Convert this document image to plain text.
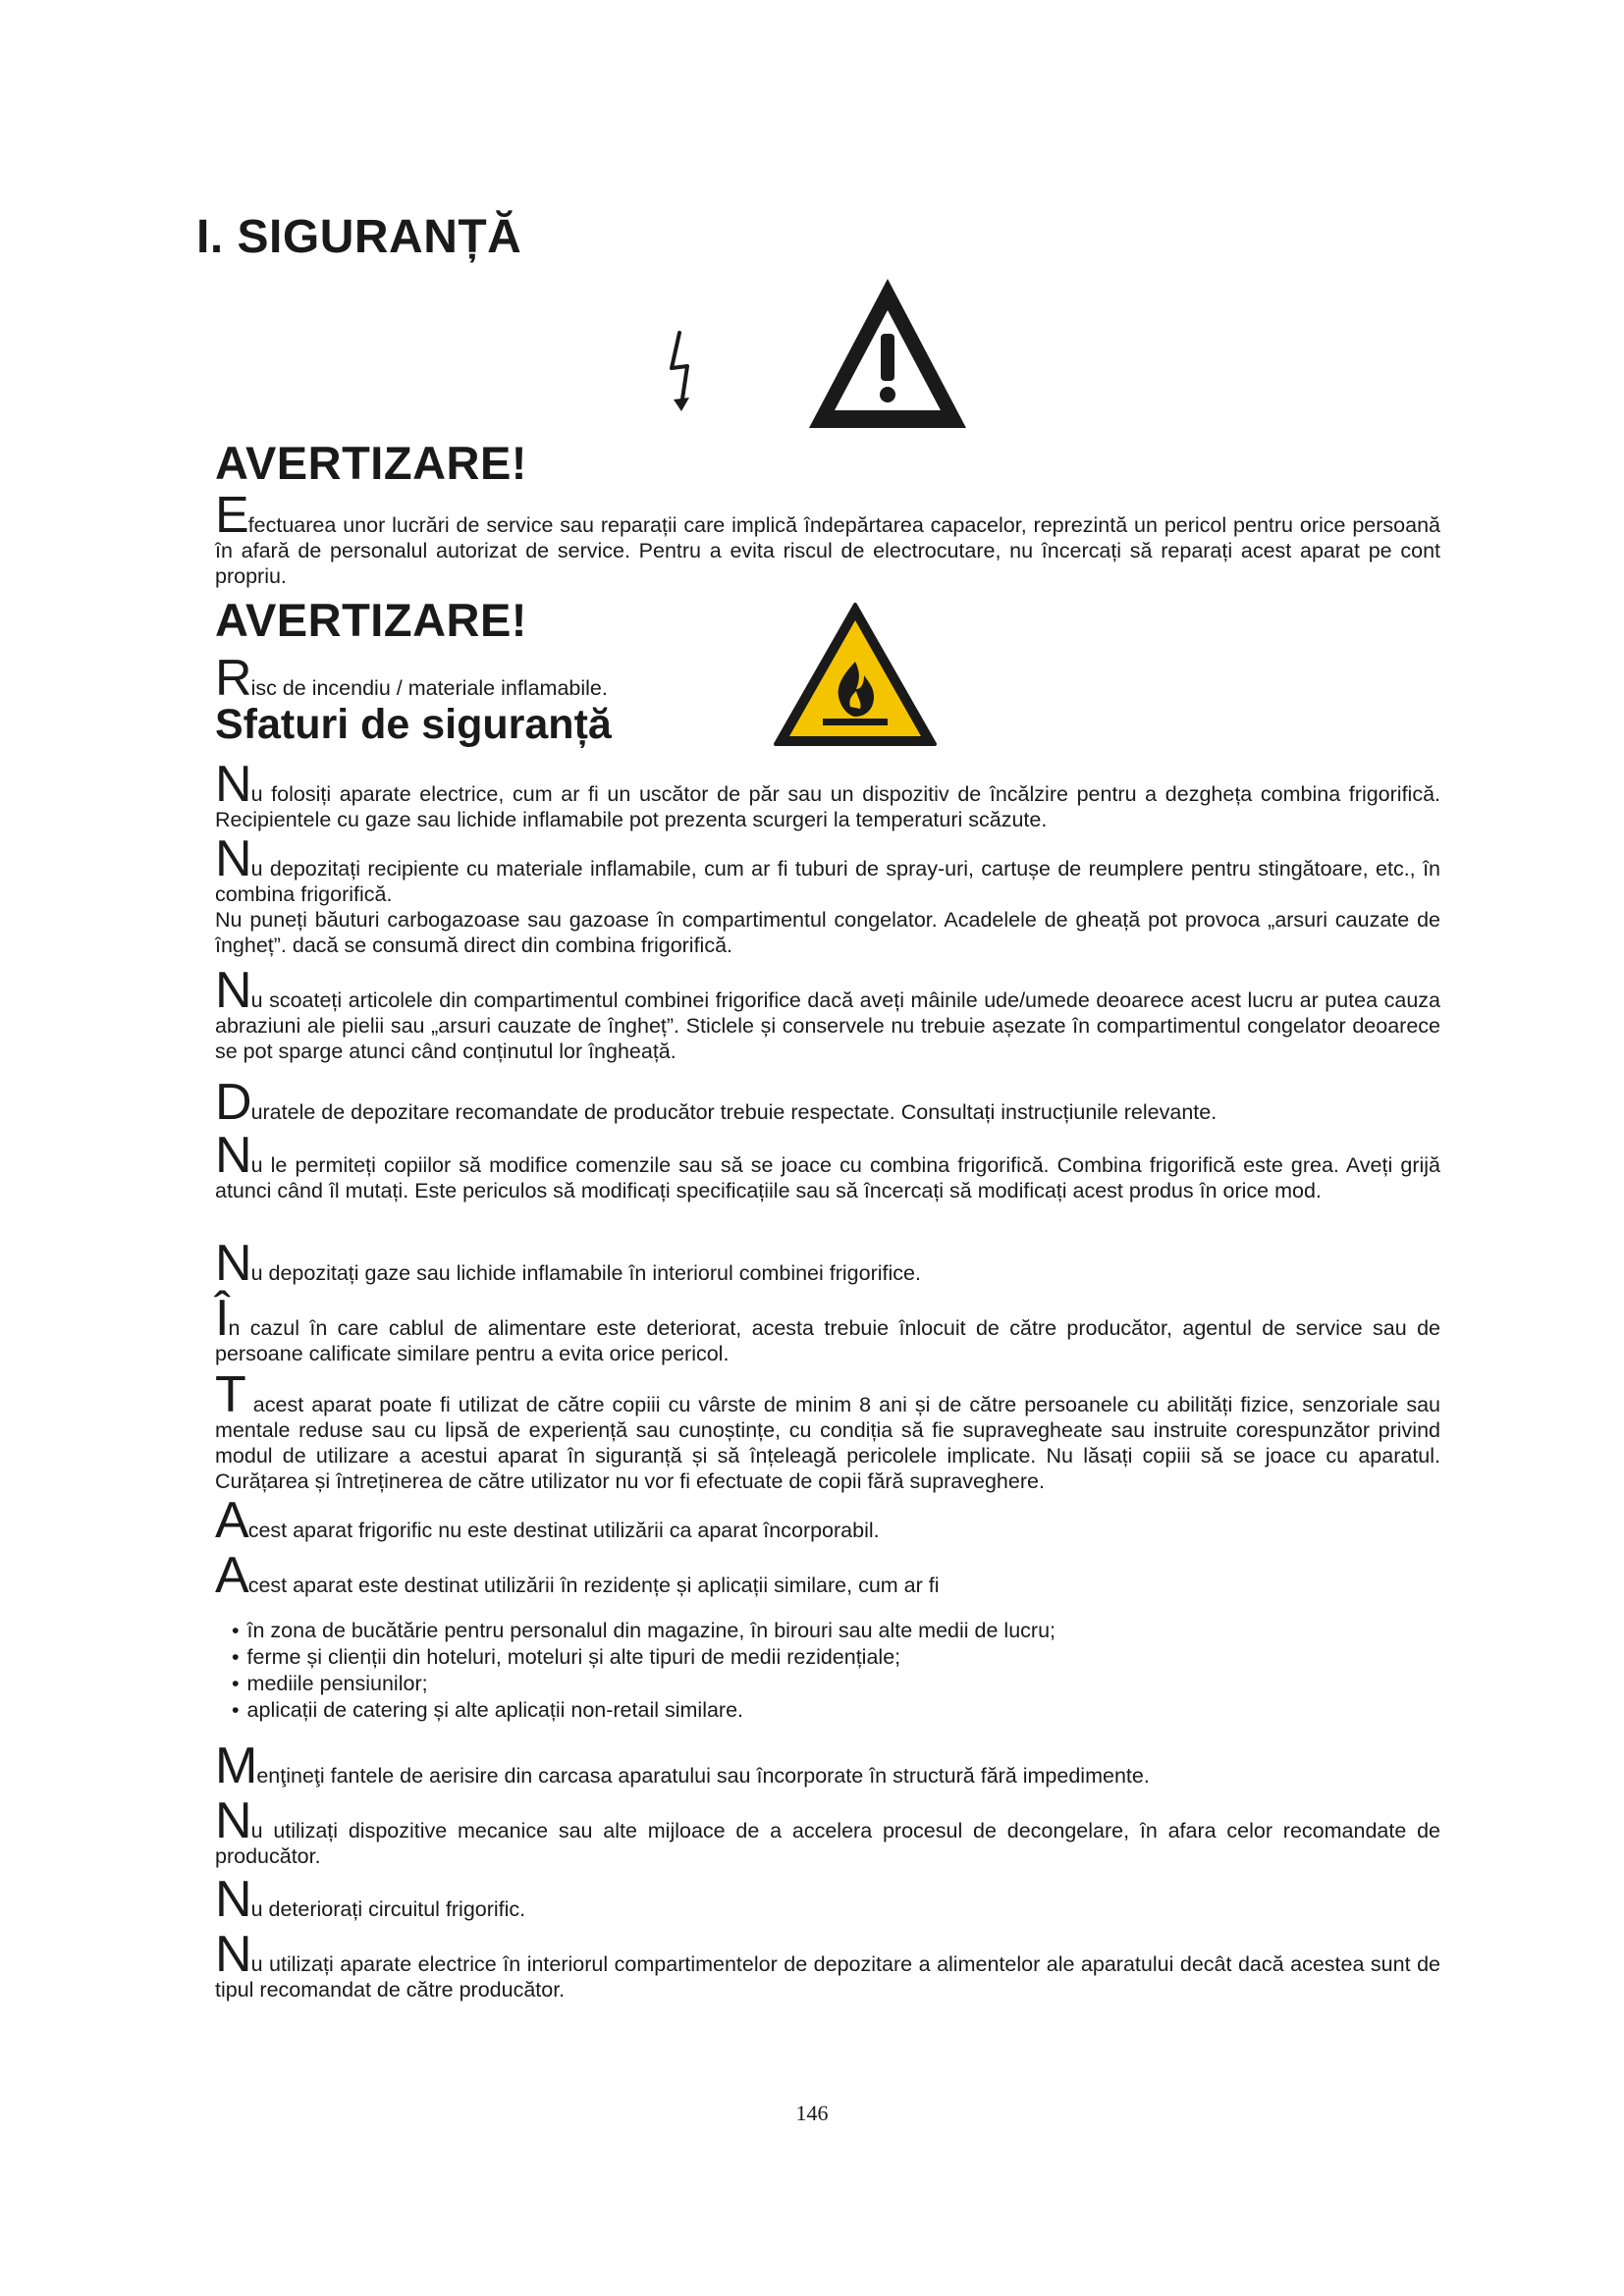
I. SIGURANȚĂ
AVERTIZARE!

Efectuarea unor lucrări de service sau reparații care implică îndepărtarea capacelor, reprezintă un pericol pentru orice persoană în afară de personalul autorizat de service. Pentru a evita riscul de electrocutare, nu încercați să reparați acest aparat pe cont propriu.

AVERTIZARE!

Risc de incendiu / materiale inflamabile.

Sfaturi de siguranță

Nu folosiți aparate electrice, cum ar fi un uscător de păr sau un dispozitiv de încălzire pentru a dezgheța combina frigorifică. Recipientele cu gaze sau lichide inflamabile pot prezenta scurgeri la temperaturi scăzute.

Nu depozitați recipiente cu materiale inflamabile, cum ar fi tuburi de spray-uri, cartușe de reumplere pentru stingătoare, etc., în combina frigorifică.

Nu puneți băuturi carbogazoase sau gazoase în compartimentul congelator. Acadelele de gheață pot provoca „arsuri cauzate de îngheț”. dacă se consumă direct din combina frigorifică.

Nu scoateți articolele din compartimentul combinei frigorifice dacă aveți mâinile ude/umede deoarece acest lucru ar putea cauza abraziuni ale pielii sau „arsuri cauzate de îngheț”. Sticlele și conservele nu trebuie așezate în compartimentul congelator deoarece se pot sparge atunci când conținutul lor îngheață.

Duratele de depozitare recomandate de producător trebuie respectate. Consultați instrucțiunile relevante.

Nu le permiteți copiilor să modifice comenzile sau să se joace cu combina frigorifică. Combina frigorifică este grea. Aveți grijă atunci când îl mutați. Este periculos să modificați specificațiile sau să încercați să modificați acest produs în orice mod.

Nu depozitați gaze sau lichide inflamabile în interiorul combinei frigorifice.

În cazul în care cablul de alimentare este deteriorat, acesta trebuie înlocuit de către producător, agentul de service sau de persoane calificate similare pentru a evita orice pericol.

T acest aparat poate fi utilizat de către copiii cu vârste de minim 8 ani și de către persoanele cu abilități fizice, senzoriale sau mentale reduse sau cu lipsă de experiență sau cunoștințe, cu condiția să fie supravegheate sau instruite corespunzător privind modul de utilizare a acestui aparat în siguranță și să înțeleagă pericolele implicate. Nu lăsați copiii să se joace cu aparatul. Curățarea și întreținerea de către utilizator nu vor fi efectuate de copii fără supraveghere.

Acest aparat frigorific nu este destinat utilizării ca aparat încorporabil.

Acest aparat este destinat utilizării în rezidențe și aplicații similare, cum ar fi

• în zona de bucătărie pentru personalul din magazine, în birouri sau alte medii de lucru;
• ferme și clienții din hoteluri, moteluri și alte tipuri de medii rezidențiale;
• mediile pensiunilor;
• aplicații de catering și alte aplicații non-retail similare.

Menţineţi fantele de aerisire din carcasa aparatului sau încorporate în structură fără impedimente.

Nu utilizați dispozitive mecanice sau alte mijloace de a accelera procesul de decongelare, în afara celor recomandate de producător.

Nu deteriorați circuitul frigorific.

Nu utilizați aparate electrice în interiorul compartimentelor de depozitare a alimentelor ale aparatului decât dacă acestea sunt de tipul recomandat de către producător.

146
